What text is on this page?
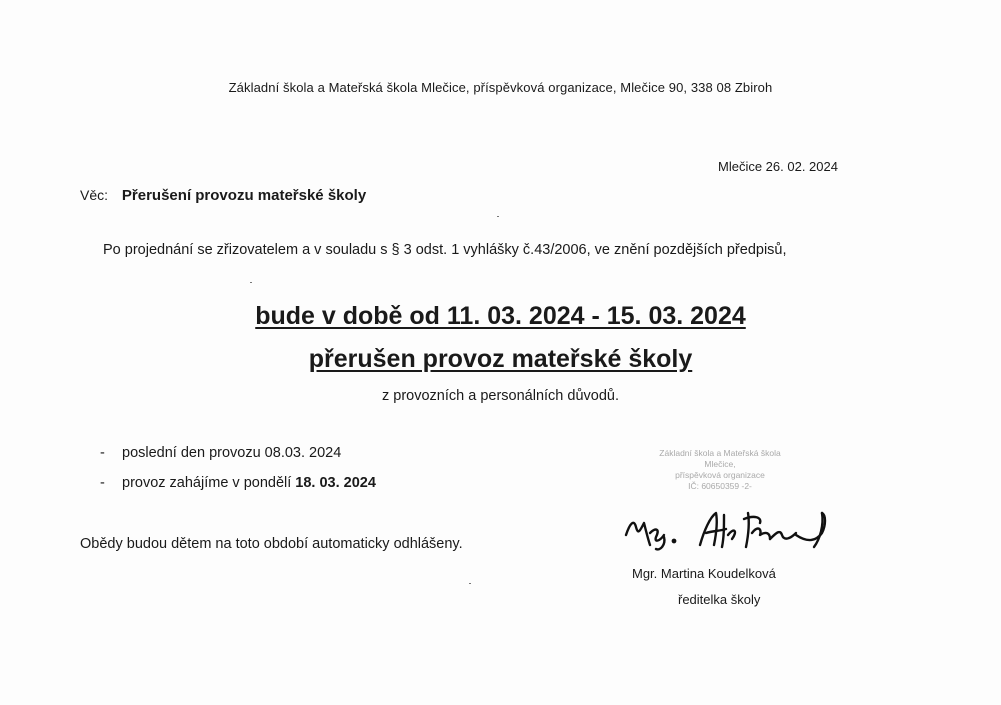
Základní škola a Mateřská škola Mlečice, příspěvková organizace, Mlečice 90, 338 08 Zbiroh
Mlečice 26. 02. 2024
Věc: Přerušení provozu mateřské školy
Po projednání se zřizovatelem a v souladu s § 3 odst. 1 vyhlášky č.43/2006, ve znění pozdějších předpisů,
bude v době od 11. 03. 2024 - 15. 03. 2024
přerušen provoz mateřské školy
z provozních a personálních důvodů.
-	poslední den provozu 08.03. 2024
-	provoz zahájíme v pondělí 18. 03. 2024
Obědy budou dětem na toto období automaticky odhlášeny.
Základní škola a Mateřská škola
Mlečice,
příspěvková organizace
IČ: 60650359 -2-
Mgr. Martina Koudelková
ředitelka školy
